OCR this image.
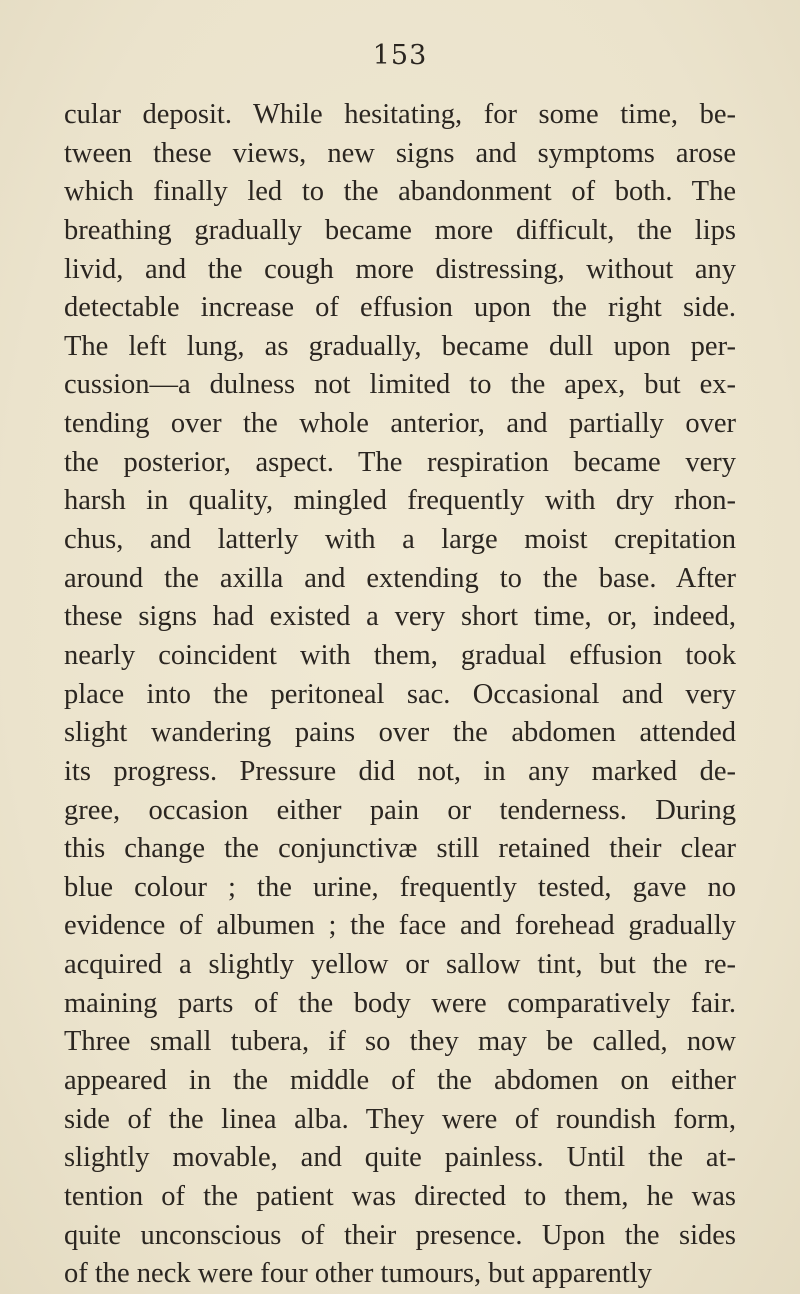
153
cular deposit. While hesitating, for some time, be-
tween these views, new signs and symptoms arose
which finally led to the abandonment of both. The
breathing gradually became more difficult, the lips
livid, and the cough more distressing, without any
detectable increase of effusion upon the right side.
The left lung, as gradually, became dull upon per-
cussion—a dulness not limited to the apex, but ex-
tending over the whole anterior, and partially over
the posterior, aspect. The respiration became very
harsh in quality, mingled frequently with dry rhon-
chus, and latterly with a large moist crepitation
around the axilla and extending to the base. After
these signs had existed a very short time, or, indeed,
nearly coincident with them, gradual effusion took
place into the peritoneal sac. Occasional and very
slight wandering pains over the abdomen attended
its progress. Pressure did not, in any marked de-
gree, occasion either pain or tenderness. During
this change the conjunctivæ still retained their clear
blue colour ; the urine, frequently tested, gave no
evidence of albumen ; the face and forehead gradually
acquired a slightly yellow or sallow tint, but the re-
maining parts of the body were comparatively fair.
Three small tubera, if so they may be called, now
appeared in the middle of the abdomen on either
side of the linea alba. They were of roundish form,
slightly movable, and quite painless. Until the at-
tention of the patient was directed to them, he was
quite unconscious of their presence. Upon the sides
of the neck were four other tumours, but apparently
